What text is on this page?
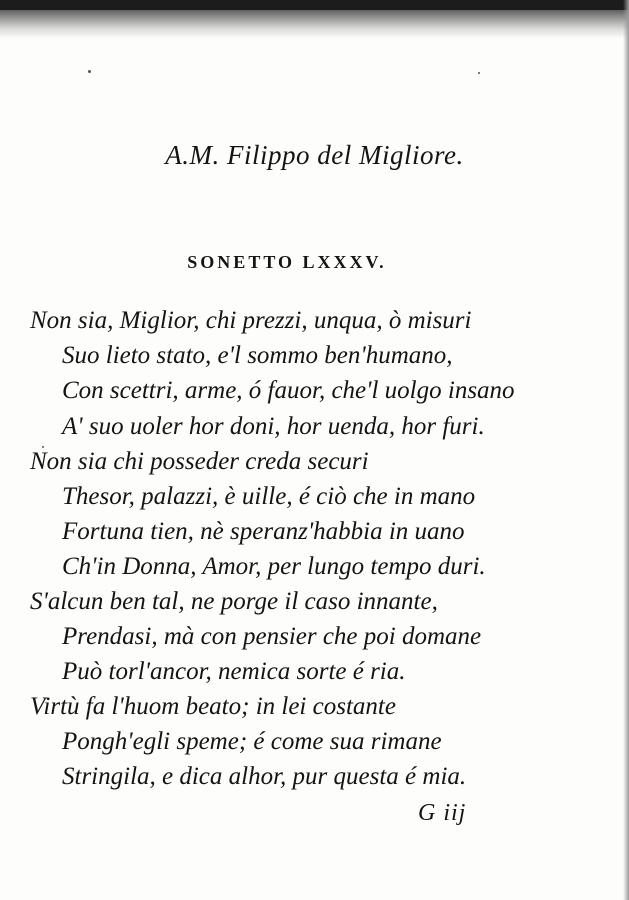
A.M. Filippo del Migliore.
SONETTO LXXXV.
Non sia, Miglior, chi prezzi, unqua, ò misuri
Suo lieto stato, e'l sommo ben'humano,
Con scettri, arme, ó fauor, che'l uolgo insano
A' suo uoler hor doni, hor uenda, hor furi.
Non sia chi posseder creda securi
Thesor, palazzi, è uille, é ciò che in mano
Fortuna tien, nè speranz'habbia in uano
Ch'in Donna, Amor, per lungo tempo duri.
S'alcun ben tal, ne porge il caso innante,
Prendasi, mà con pensier che poi domane
Può torl'ancor, nemica sorte é ria.
Virtù fa l'huom beato; in lei costante
Pongh'egli speme; é come sua rimane
Stringila, e dica alhor, pur questa é mia.
G iij
